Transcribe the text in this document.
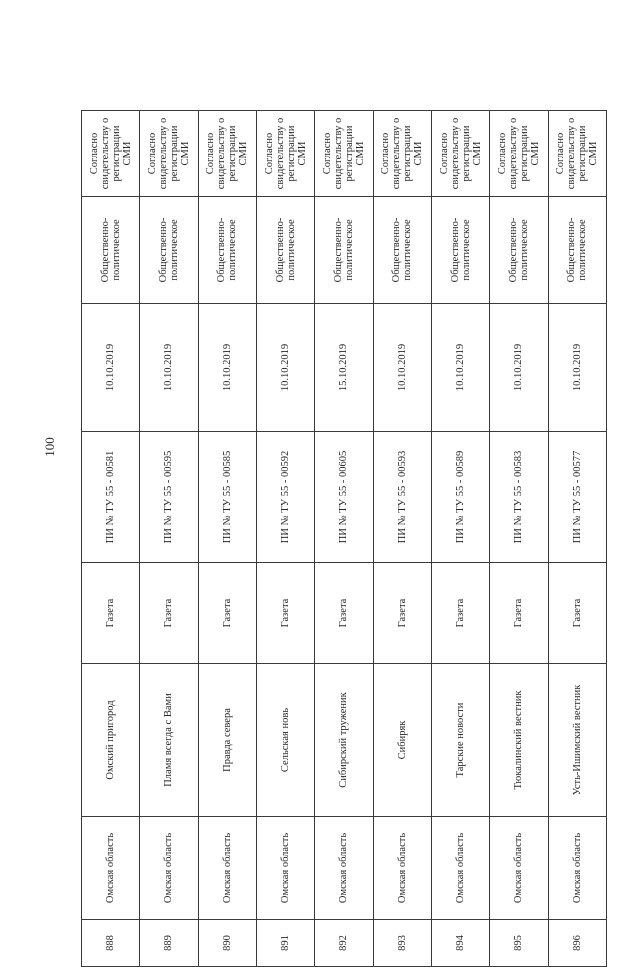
100
888	Омская область	Омский пригород	Газета	ПИ № ТУ 55 - 00581	10.10.2019	Общественно-политическое	Согласно свидетельству о регистрации СМИ
889	Омская область	Пламя всегда с Вами	Газета	ПИ № ТУ 55 - 00595	10.10.2019	Общественно-политическое	Согласно свидетельству о регистрации СМИ
890	Омская область	Правда севера	Газета	ПИ № ТУ 55 - 00585	10.10.2019	Общественно-политическое	Согласно свидетельству о регистрации СМИ
891	Омская область	Сельская новь	Газета	ПИ № ТУ 55 - 00592	10.10.2019	Общественно-политическое	Согласно свидетельству о регистрации СМИ
892	Омская область	Сибирский труженик	Газета	ПИ № ТУ 55 - 00605	15.10.2019	Общественно-политическое	Согласно свидетельству о регистрации СМИ
893	Омская область	Сибиряк	Газета	ПИ № ТУ 55 - 00593	10.10.2019	Общественно-политическое	Согласно свидетельству о регистрации СМИ
894	Омская область	Тарские новости	Газета	ПИ № ТУ 55 - 00589	10.10.2019	Общественно-политическое	Согласно свидетельству о регистрации СМИ
895	Омская область	Тюкалинский вестник	Газета	ПИ № ТУ 55 - 00583	10.10.2019	Общественно-политическое	Согласно свидетельству о регистрации СМИ
896	Омская область	Усть-Ишимский вестник	Газета	ПИ № ТУ 55 - 00577	10.10.2019	Общественно-политическое	Согласно свидетельству о регистрации СМИ
